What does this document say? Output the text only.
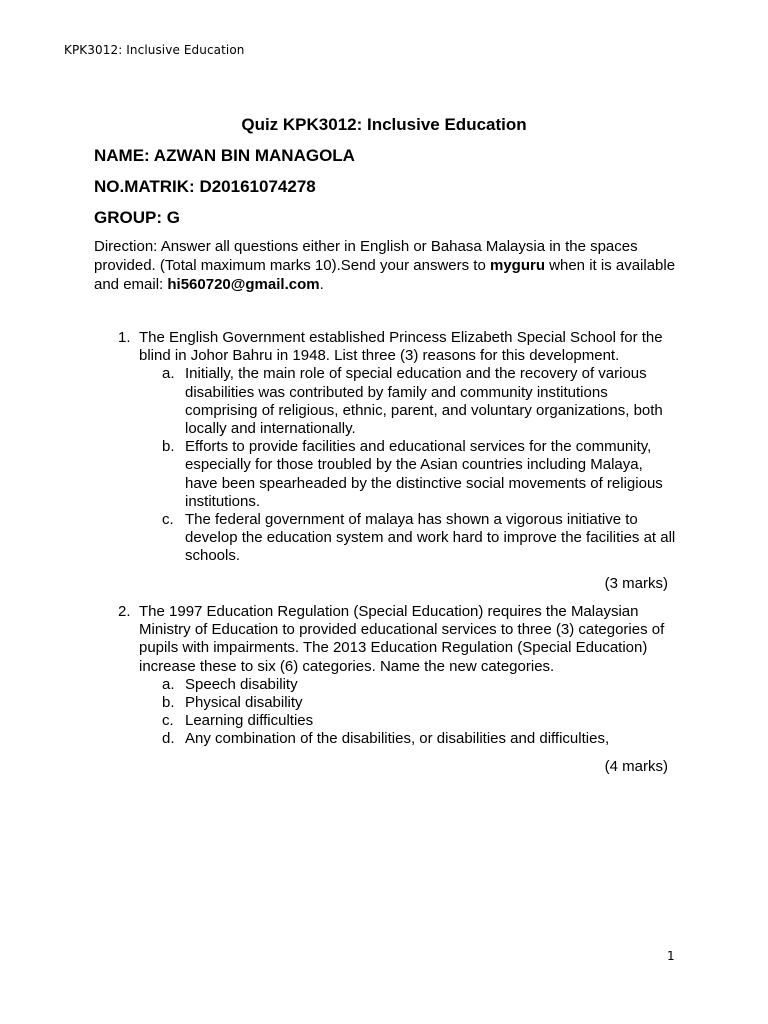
KPK3012: Inclusive Education
Quiz KPK3012: Inclusive Education
NAME: AZWAN BIN MANAGOLA
NO.MATRIK: D20161074278
GROUP: G
Direction: Answer all questions either in English or Bahasa Malaysia in the spaces provided. (Total maximum marks 10).Send your answers to myguru when it is available and email: hi560720@gmail.com.
1. The English Government established Princess Elizabeth Special School for the blind in Johor Bahru in 1948. List three (3) reasons for this development.
a. Initially, the main role of special education and the recovery of various disabilities was contributed by family and community institutions comprising of religious, ethnic, parent, and voluntary organizations, both locally and internationally.
b. Efforts to provide facilities and educational services for the community, especially for those troubled by the Asian countries including Malaya, have been spearheaded by the distinctive social movements of religious institutions.
c. The federal government of malaya has shown a vigorous initiative to develop the education system and work hard to improve the facilities at all schools.
(3 marks)
2. The 1997 Education Regulation (Special Education) requires the Malaysian Ministry of Education to provided educational services to three (3) categories of pupils with impairments. The 2013 Education Regulation (Special Education) increase these to six (6) categories. Name the new categories.
a. Speech disability
b. Physical disability
c. Learning difficulties
d. Any combination of the disabilities, or disabilities and difficulties,
(4 marks)
1
